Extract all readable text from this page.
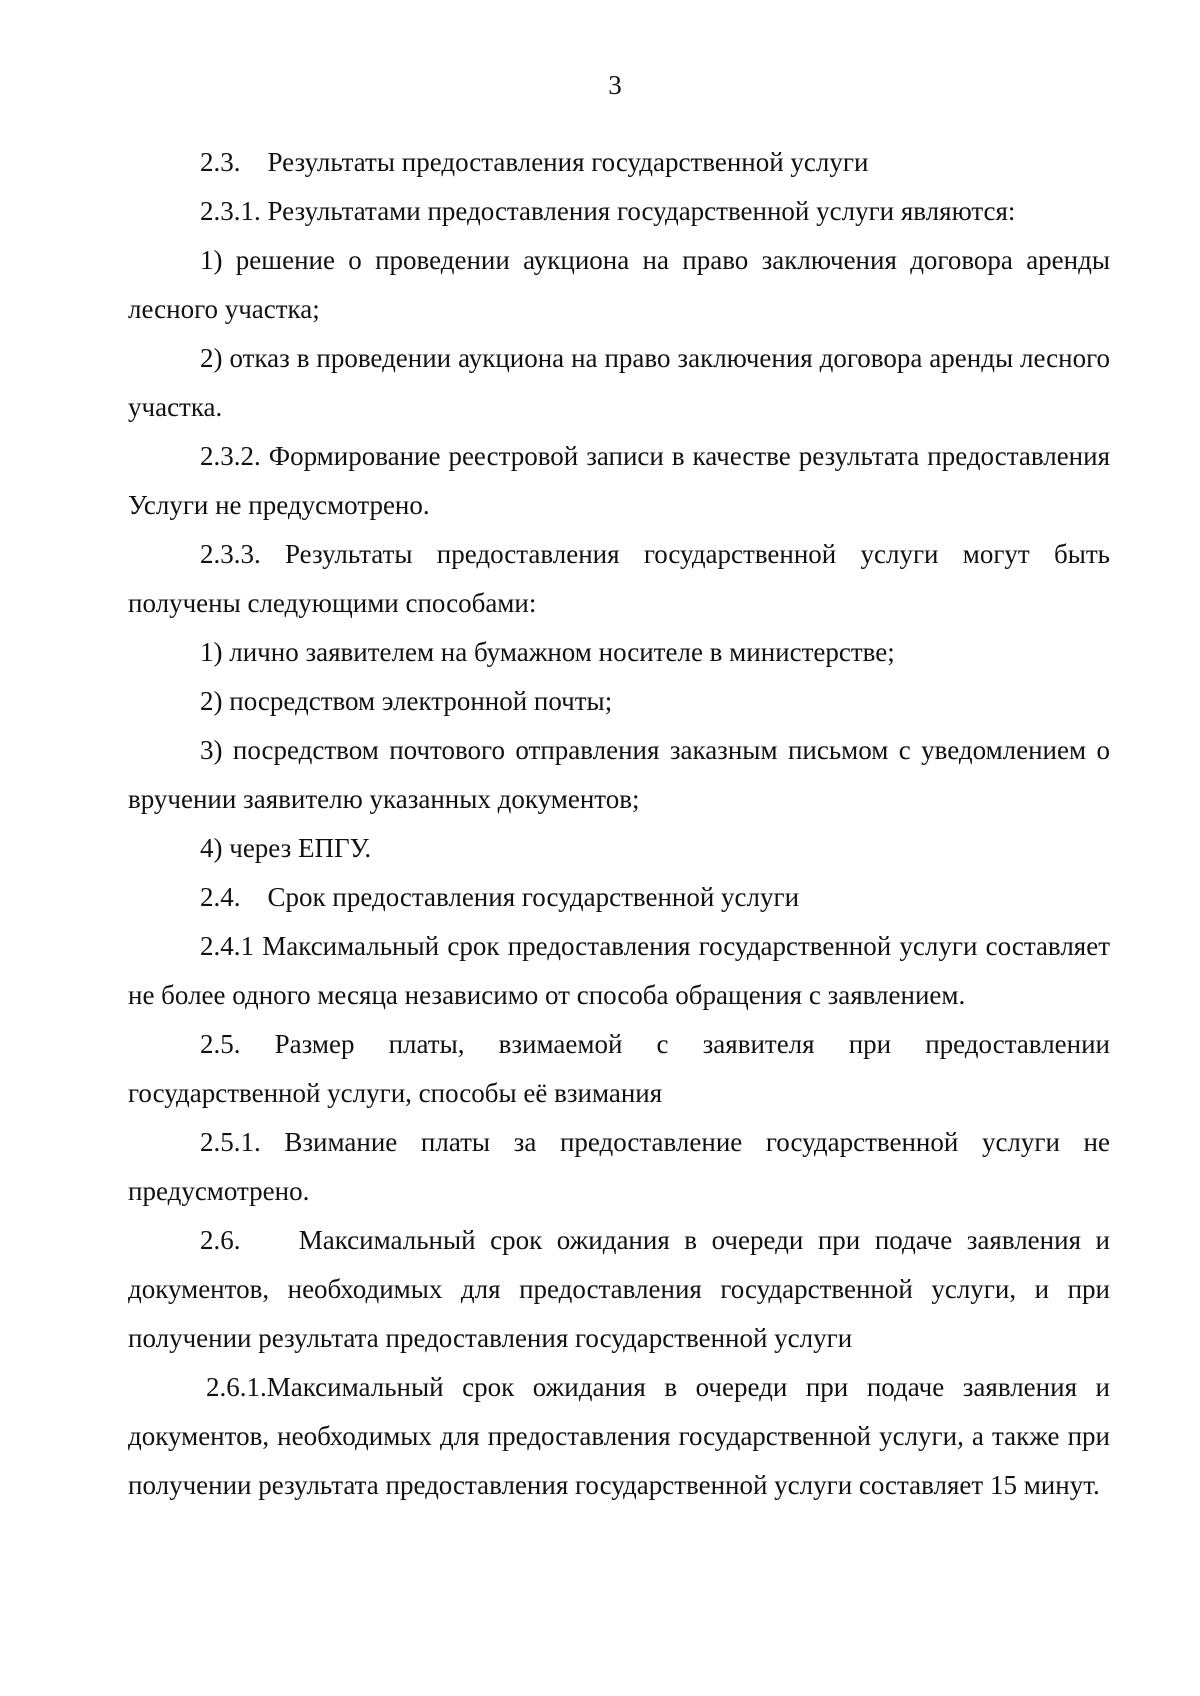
3

2.3.    Результаты предоставления государственной услуги

2.3.1. Результатами предоставления государственной услуги являются:

1) решение о проведении аукциона на право заключения договора аренды лесного участка;

2) отказ в проведении аукциона на право заключения договора аренды лесного участка.

2.3.2. Формирование реестровой записи в качестве результата предоставления Услуги не предусмотрено.

2.3.3. Результаты предоставления государственной услуги могут быть получены следующими способами:

1) лично заявителем на бумажном носителе в министерстве;

2) посредством электронной почты;

3) посредством почтового отправления заказным письмом с уведомлением о вручении заявителю указанных документов;

4) через ЕПГУ.

2.4.    Срок предоставления государственной услуги

2.4.1 Максимальный срок предоставления государственной услуги составляет не более одного месяца независимо от способа обращения с заявлением.

2.5. Размер платы, взимаемой с заявителя при предоставлении государственной услуги, способы её взимания

2.5.1. Взимание платы за предоставление государственной услуги не предусмотрено.

2.6.    Максимальный срок ожидания в очереди при подаче заявления и документов, необходимых для предоставления государственной услуги, и при получении результата предоставления государственной услуги

2.6.1.Максимальный срок ожидания в очереди при подаче заявления и документов, необходимых для предоставления государственной услуги, а также при получении результата предоставления государственной услуги составляет 15 минут.
